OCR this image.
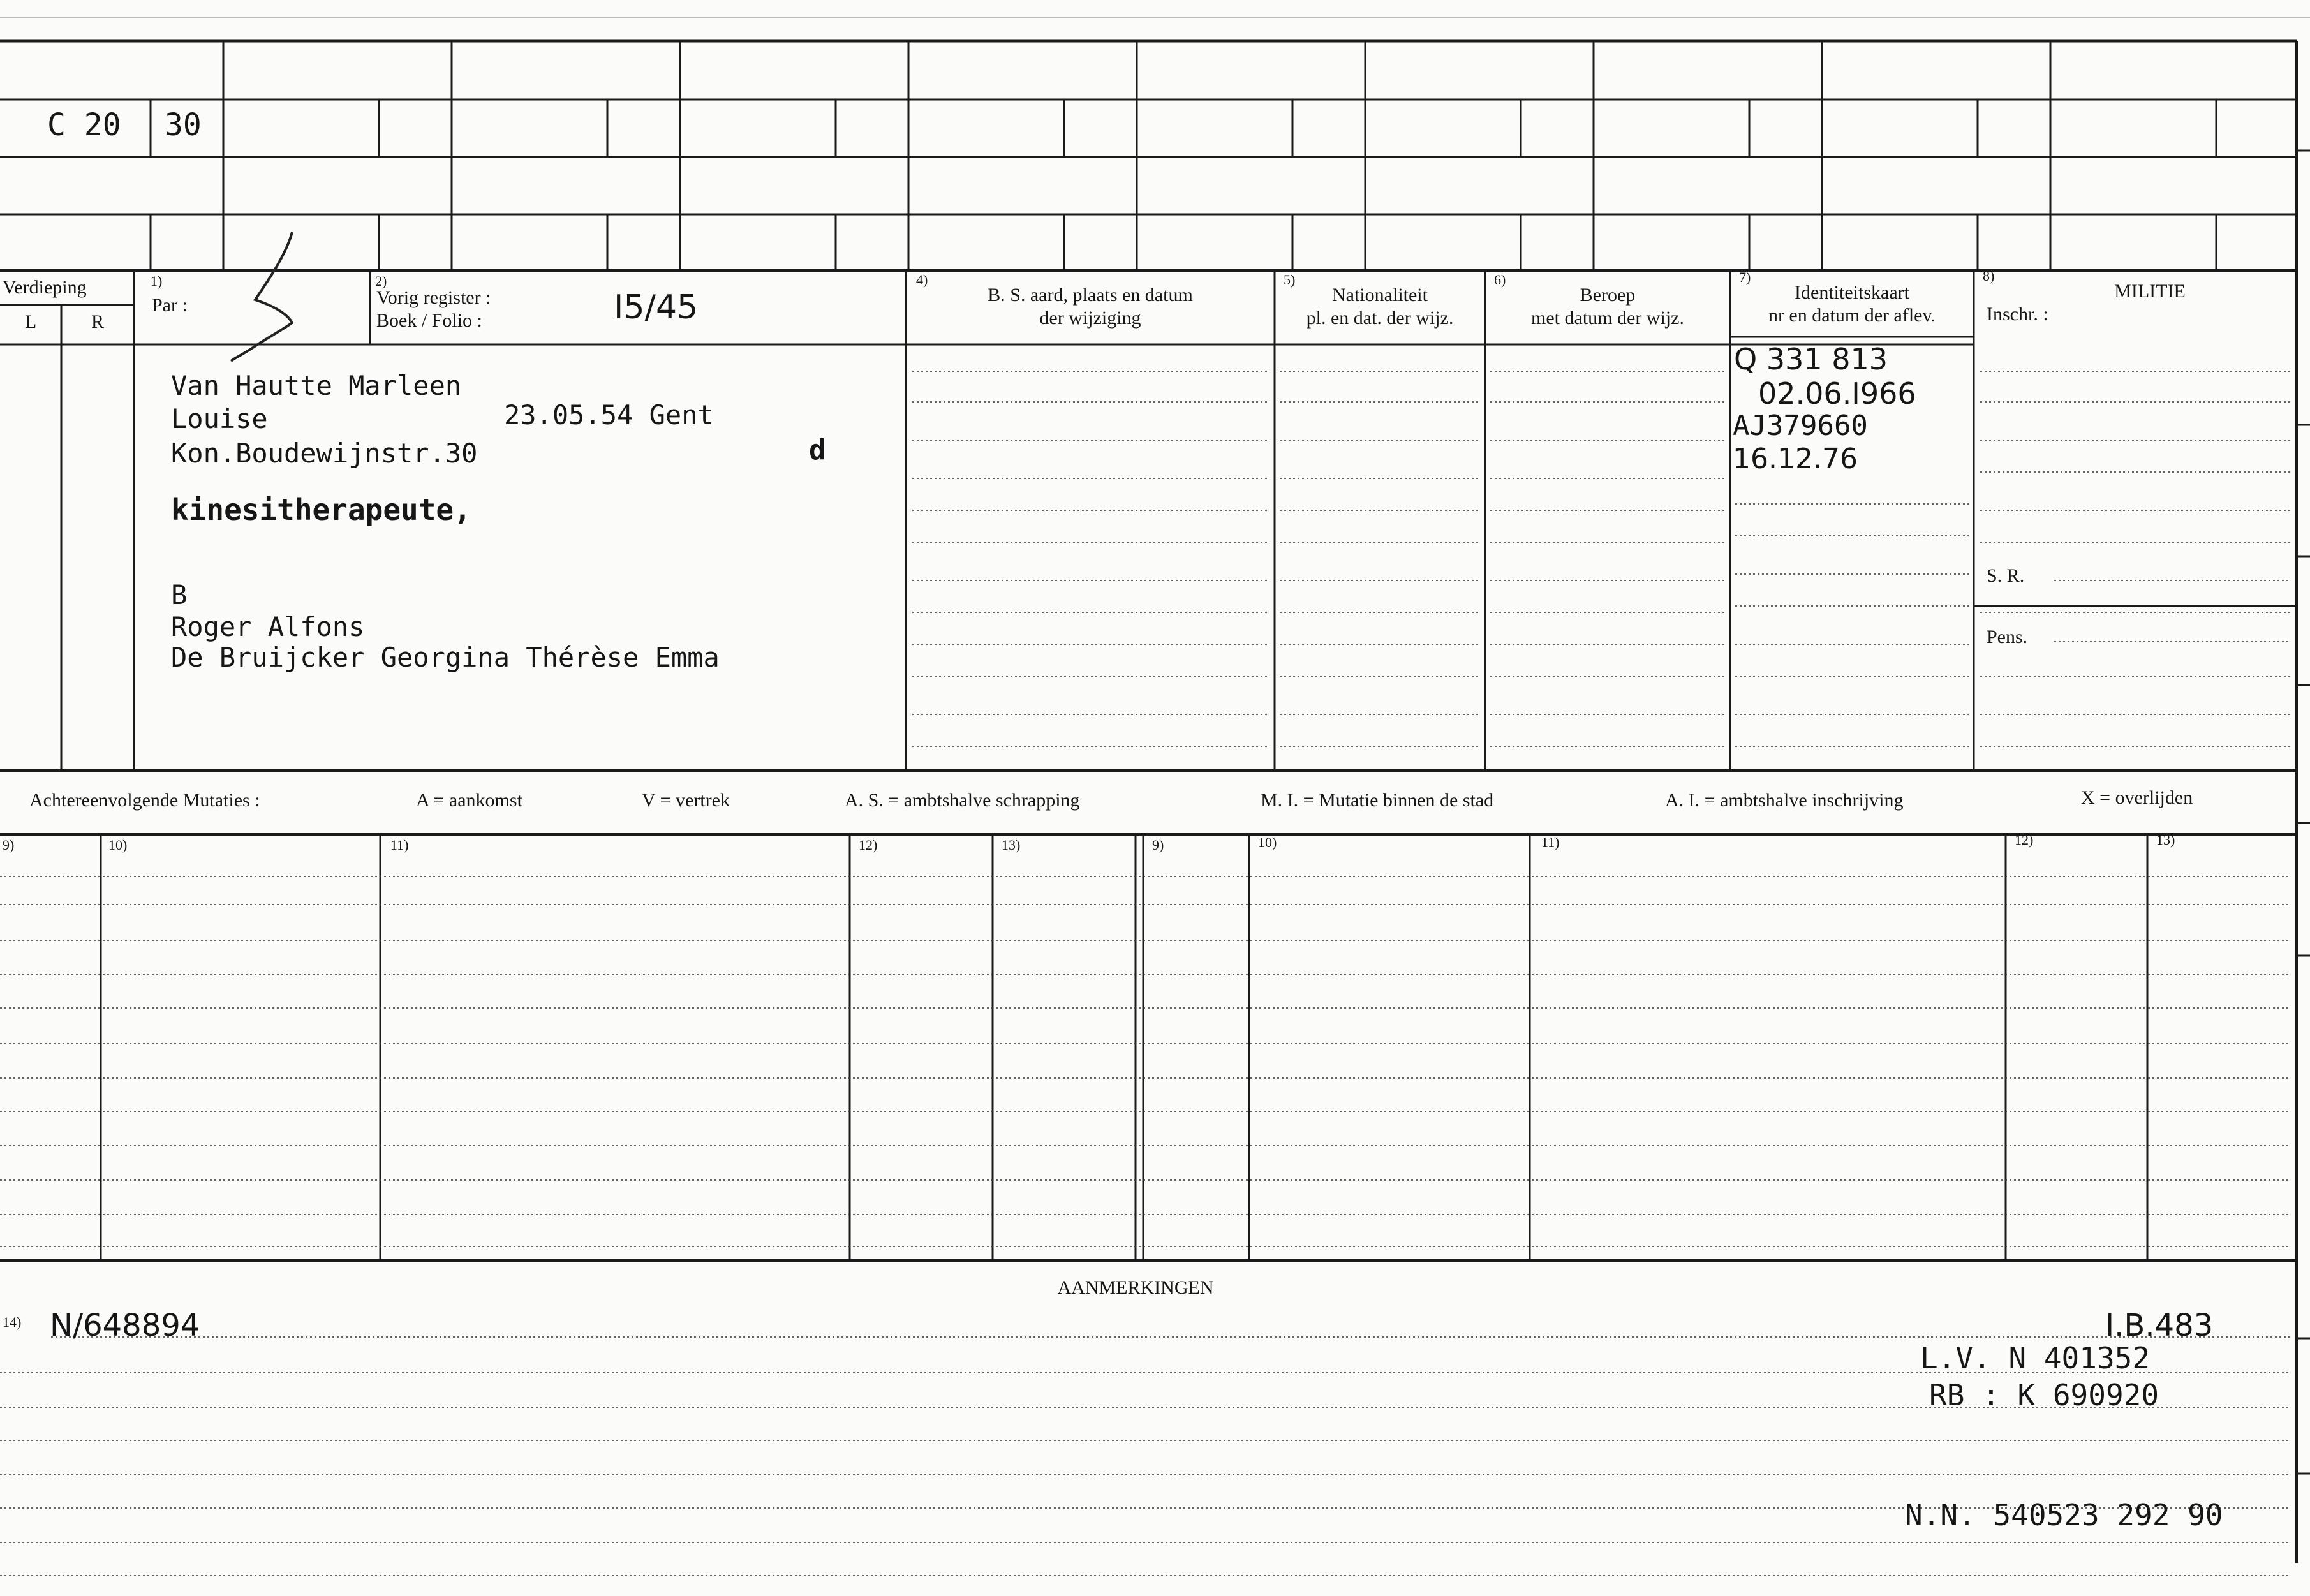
C 20 30
Verdieping
L	R
1)
Par :
2)
Vorig register :
Boek / Folio :	I5/45
4)
B. S. aard, plaats en datum
der wijziging
5)
Nationaliteit
pl. en dat. der wijz.
6)
Beroep
met datum der wijz.
7)
Identiteitskaart
nr en datum der aflev.
8)
MILITIE
Inschr. :
S. R.
Pens.
Van Hautte Marleen
Louise	23.05.54 Gent
Kon.Boudewijnstr.30	d
kinesitherapeute,
B
Roger Alfons
De Bruijcker Georgina Thérèse Emma
Q 331 813
02.06.I966
AJ379660
16.12.76
Achtereenvolgende Mutaties :	A = aankomst	V = vertrek	A. S. = ambtshalve schrapping	M. I. = Mutatie binnen de stad	A. I. = ambtshalve inschrijving	X = overlijden
9)	10)	11)	12)	13)	9)	10)	11)	12)	13)
AANMERKINGEN
14) N/648894	I.B.483
L.V. N 401352
RB : K 690920
N.N. 540523 292 90
